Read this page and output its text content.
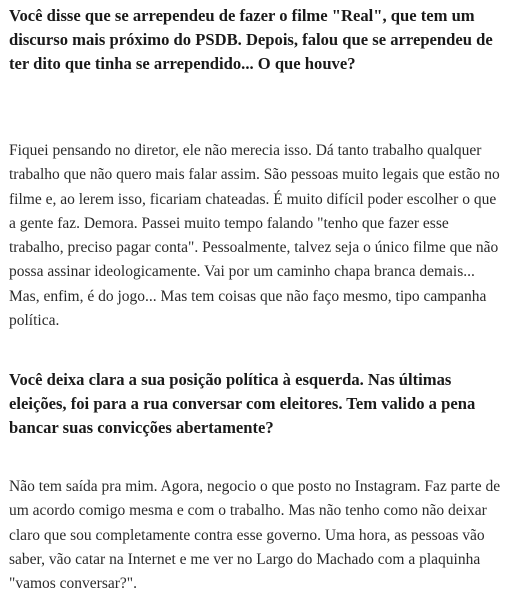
Você disse que se arrependeu de fazer o filme "Real", que tem um discurso mais próximo do PSDB. Depois, falou que se arrependeu de ter dito que tinha se arrependido... O que houve?

Fiquei pensando no diretor, ele não merecia isso. Dá tanto trabalho qualquer trabalho que não quero mais falar assim. São pessoas muito legais que estão no filme e, ao lerem isso, ficariam chateadas. É muito difícil poder escolher o que a gente faz. Demora. Passei muito tempo falando "tenho que fazer esse trabalho, preciso pagar conta". Pessoalmente, talvez seja o único filme que não possa assinar ideologicamente. Vai por um caminho chapa branca demais... Mas, enfim, é do jogo... Mas tem coisas que não faço mesmo, tipo campanha política.

Você deixa clara a sua posição política à esquerda. Nas últimas eleições, foi para a rua conversar com eleitores. Tem valido a pena bancar suas convicções abertamente?

Não tem saída pra mim. Agora, negocio o que posto no Instagram. Faz parte de um acordo comigo mesma e com o trabalho. Mas não tenho como não deixar claro que sou completamente contra esse governo. Uma hora, as pessoas vão saber, vão catar na Internet e me ver no Largo do Machado com a plaquinha "vamos conversar?".
